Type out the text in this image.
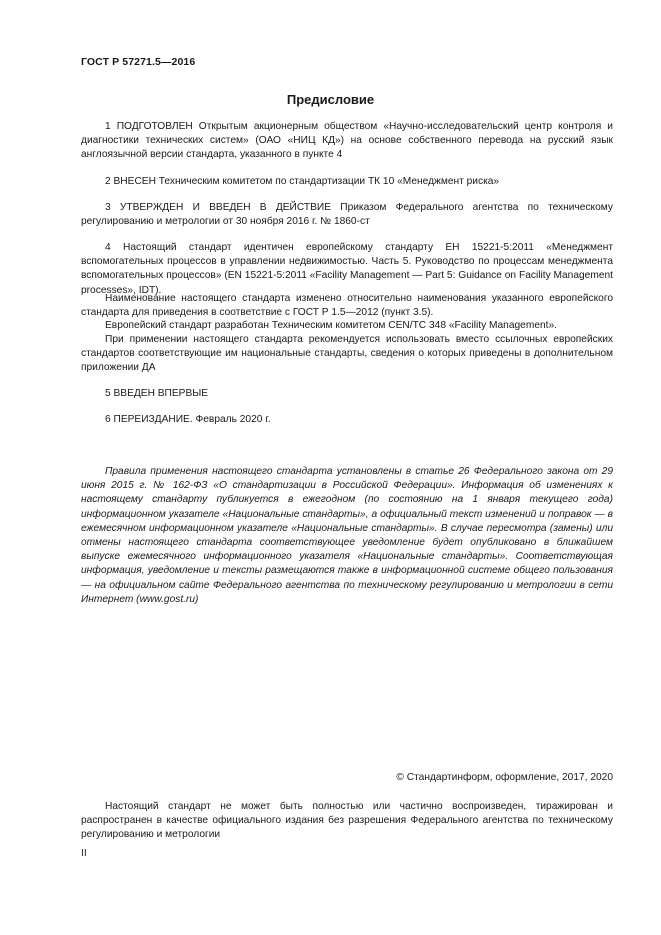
ГОСТ Р 57271.5—2016
Предисловие

1 ПОДГОТОВЛЕН Открытым акционерным обществом «Научно-исследовательский центр контроля и диагностики технических систем» (ОАО «НИЦ КД») на основе собственного перевода на русский язык англоязычной версии стандарта, указанного в пункте 4

2 ВНЕСЕН Техническим комитетом по стандартизации ТК 10 «Менеджмент риска»

3 УТВЕРЖДЕН И ВВЕДЕН В ДЕЙСТВИЕ Приказом Федерального агентства по техническому регулированию и метрологии от 30 ноября 2016 г. № 1860-ст

4 Настоящий стандарт идентичен европейскому стандарту ЕН 15221-5:2011 «Менеджмент вспомогательных процессов в управлении недвижимостью. Часть 5. Руководство по процессам менеджмента вспомогательных процессов» (EN 15221-5:2011 «Facility Management — Part 5: Guidance on Facility Management processes», IDT).

Наименование настоящего стандарта изменено относительно наименования указанного европейского стандарта для приведения в соответствие с ГОСТ Р 1.5—2012 (пункт 3.5).

Европейский стандарт разработан Техническим комитетом CEN/TC 348 «Facility Management».

При применении настоящего стандарта рекомендуется использовать вместо ссылочных европейских стандартов соответствующие им национальные стандарты, сведения о которых приведены в дополнительном приложении ДА

5 ВВЕДЕН ВПЕРВЫЕ

6 ПЕРЕИЗДАНИЕ. Февраль 2020 г.

Правила применения настоящего стандарта установлены в статье 26 Федерального закона от 29 июня 2015 г. № 162-ФЗ «О стандартизации в Российской Федерации». Информация об изменениях к настоящему стандарту публикуется в ежегодном (по состоянию на 1 января текущего года) информационном указателе «Национальные стандарты», а официальный текст изменений и поправок — в ежемесячном информационном указателе «Национальные стандарты». В случае пересмотра (замены) или отмены настоящего стандарта соответствующее уведомление будет опубликовано в ближайшем выпуске ежемесячного информационного указателя «Национальные стандарты». Соответствующая информация, уведомление и тексты размещаются также в информационной системе общего пользования — на официальном сайте Федерального агентства по техническому регулированию и метрологии в сети Интернет (www.gost.ru)

© Стандартинформ, оформление, 2017, 2020

Настоящий стандарт не может быть полностью или частично воспроизведен, тиражирован и распространен в качестве официального издания без разрешения Федерального агентства по техническому регулированию и метрологии

II
